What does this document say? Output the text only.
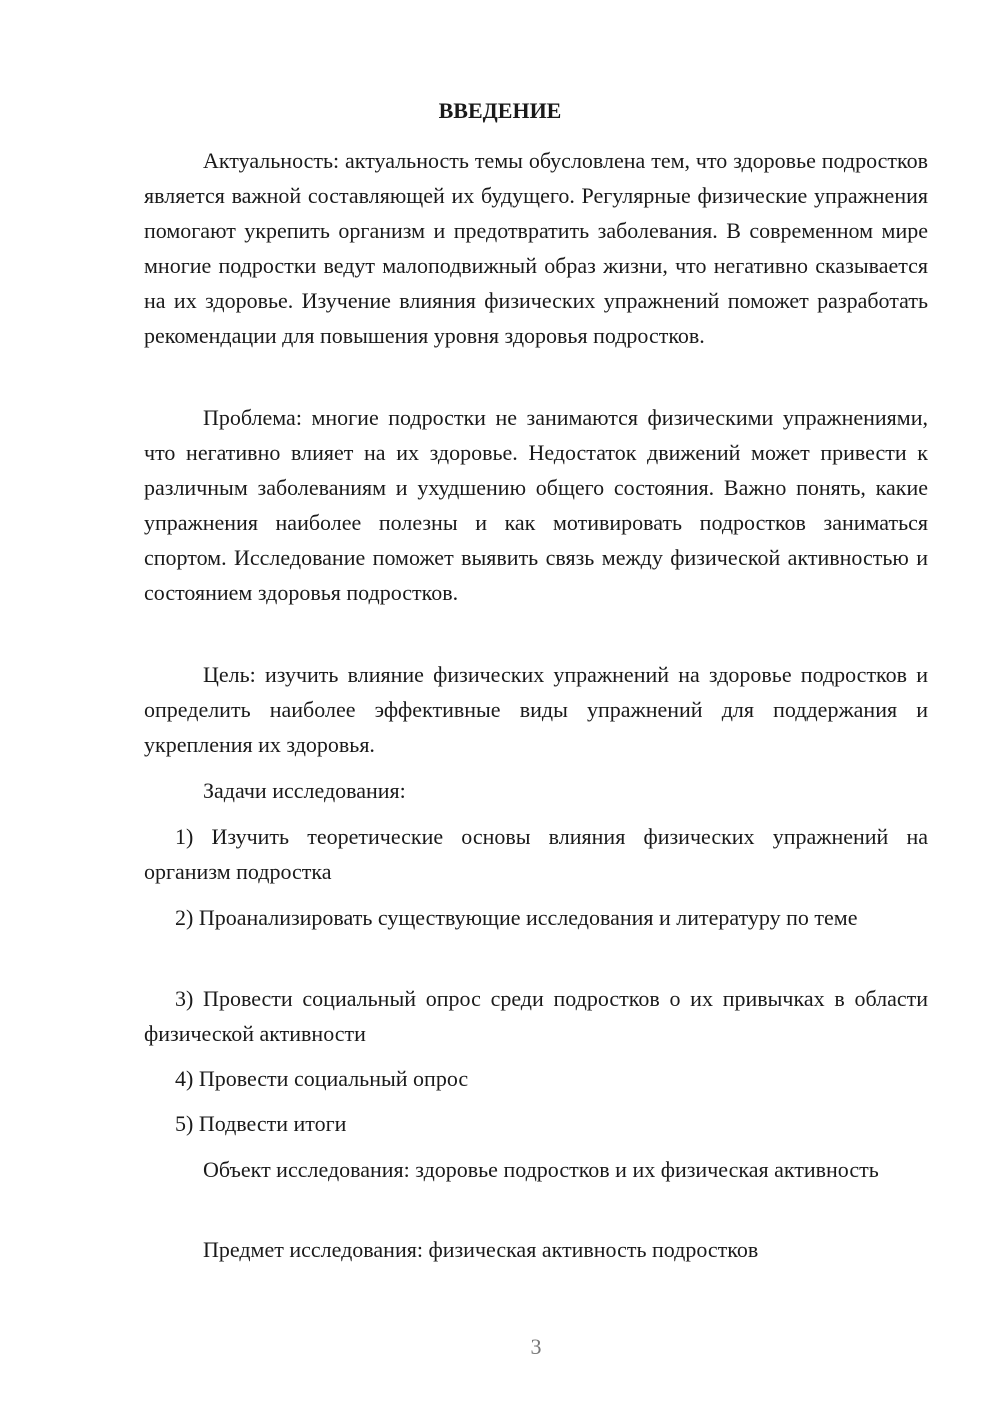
ВВЕДЕНИЕ

Актуальность: актуальность темы обусловлена тем, что здоровье подростков является важной составляющей их будущего. Регулярные физические упражнения помогают укрепить организм и предотвратить заболевания. В современном мире многие подростки ведут малоподвижный образ жизни, что негативно сказывается на их здоровье. Изучение влияния физических упражнений поможет разработать рекомендации для повышения уровня здоровья подростков.

Проблема: многие подростки не занимаются физическими упражнениями, что негативно влияет на их здоровье. Недостаток движений может привести к различным заболеваниям и ухудшению общего состояния. Важно понять, какие упражнения наиболее полезны и как мотивировать подростков заниматься спортом. Исследование поможет выявить связь между физической активностью и состоянием здоровья подростков.

Цель: изучить влияние физических упражнений на здоровье подростков и определить наиболее эффективные виды упражнений для поддержания и укрепления их здоровья.

Задачи исследования:

1) Изучить теоретические основы влияния физических упражнений на организм подростка

2) Проанализировать существующие исследования и литературу по теме

3) Провести социальный опрос среди подростков о их привычках в области физической активности

4) Провести социальный опрос

5) Подвести итоги

Объект исследования: здоровье подростков и их физическая активность

Предмет исследования: физическая активность подростков

3
